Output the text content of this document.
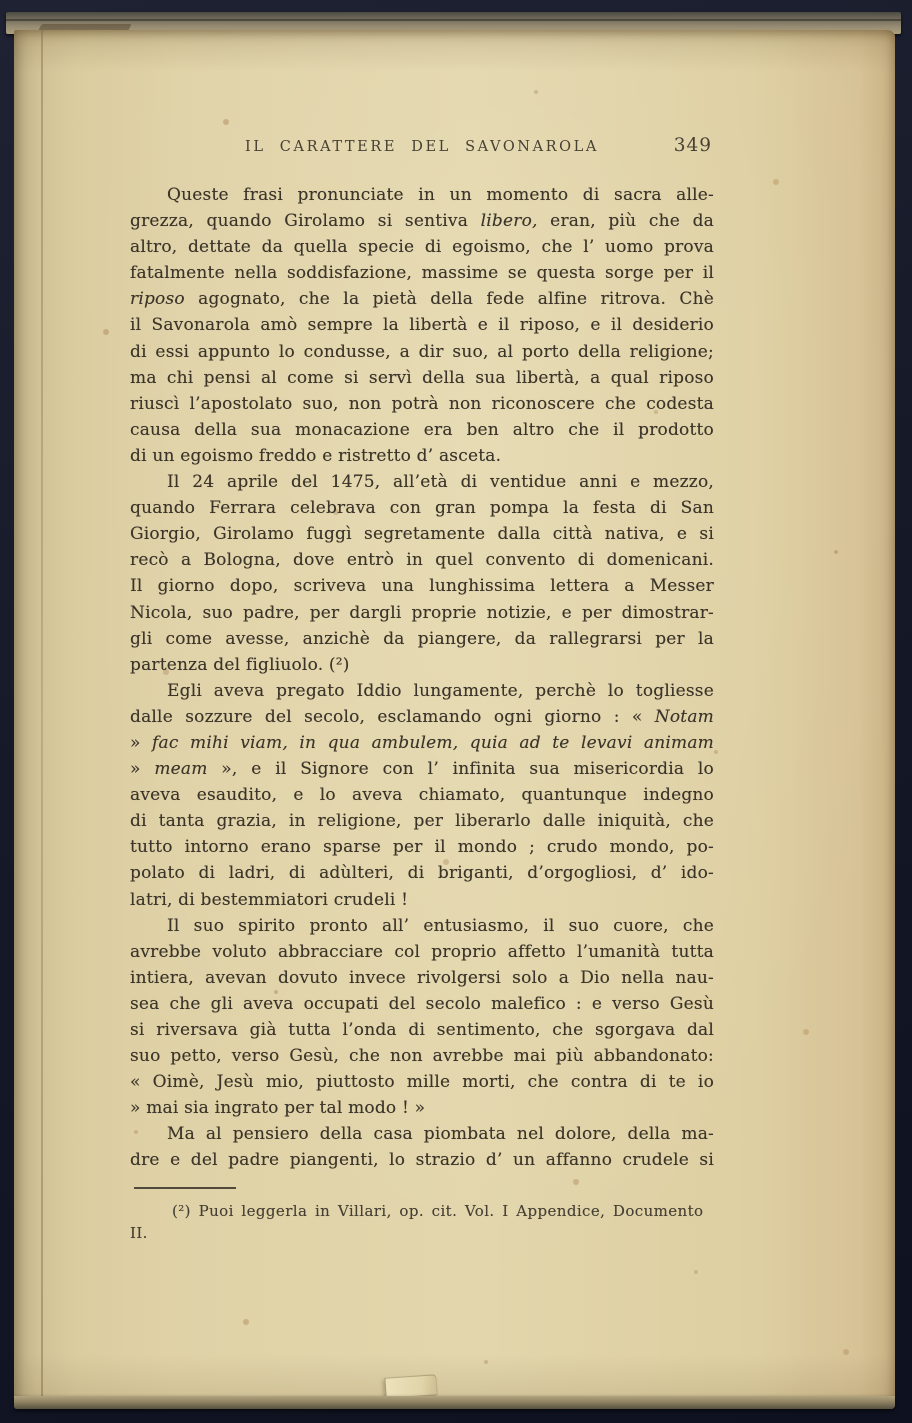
IL CARATTERE DEL SAVONAROLA	349
Queste frasi pronunciate in un momento di sacra alle-
grezza, quando Girolamo si sentiva libero, eran, più che da
altro, dettate da quella specie di egoismo, che l’ uomo prova
fatalmente nella soddisfazione, massime se questa sorge per il
riposo agognato, che la pietà della fede alfine ritrova. Chè
il Savonarola amò sempre la libertà e il riposo, e il desiderio
di essi appunto lo condusse, a dir suo, al porto della religione;
ma chi pensi al come si servì della sua libertà, a qual riposo
riuscì l’apostolato suo, non potrà non riconoscere che codesta
causa della sua monacazione era ben altro che il prodotto
di un egoismo freddo e ristretto d’ asceta.
Il 24 aprile del 1475, all’età di ventidue anni e mezzo,
quando Ferrara celebrava con gran pompa la festa di San
Giorgio, Girolamo fuggì segretamente dalla città nativa, e si
recò a Bologna, dove entrò in quel convento di domenicani.
Il giorno dopo, scriveva una lunghissima lettera a Messer
Nicola, suo padre, per dargli proprie notizie, e per dimostrar-
gli come avesse, anzichè da piangere, da rallegrarsi per la
partenza del figliuolo. (²)
Egli aveva pregato Iddio lungamente, perchè lo togliesse
dalle sozzure del secolo, esclamando ogni giorno : « Notam
» fac mihi viam, in qua ambulem, quia ad te levavi animam
» meam », e il Signore con l’ infinita sua misericordia lo
aveva esaudito, e lo aveva chiamato, quantunque indegno
di tanta grazia, in religione, per liberarlo dalle iniquità, che
tutto intorno erano sparse per il mondo ; crudo mondo, po-
polato di ladri, di adùlteri, di briganti, d’orgogliosi, d’ ido-
latri, di bestemmiatori crudeli !
Il suo spirito pronto all’ entusiasmo, il suo cuore, che
avrebbe voluto abbracciare col proprio affetto l’umanità tutta
intiera, avevan dovuto invece rivolgersi solo a Dio nella nau-
sea che gli aveva occupati del secolo malefico : e verso Gesù
si riversava già tutta l’onda di sentimento, che sgorgava dal
suo petto, verso Gesù, che non avrebbe mai più abbandonato:
« Oimè, Jesù mio, piuttosto mille morti, che contra di te io
» mai sia ingrato per tal modo ! »
Ma al pensiero della casa piombata nel dolore, della ma-
dre e del padre piangenti, lo strazio d’ un affanno crudele si
(²) Puoi leggerla in Villari, op. cit. Vol. I Appendice, Documento II.
